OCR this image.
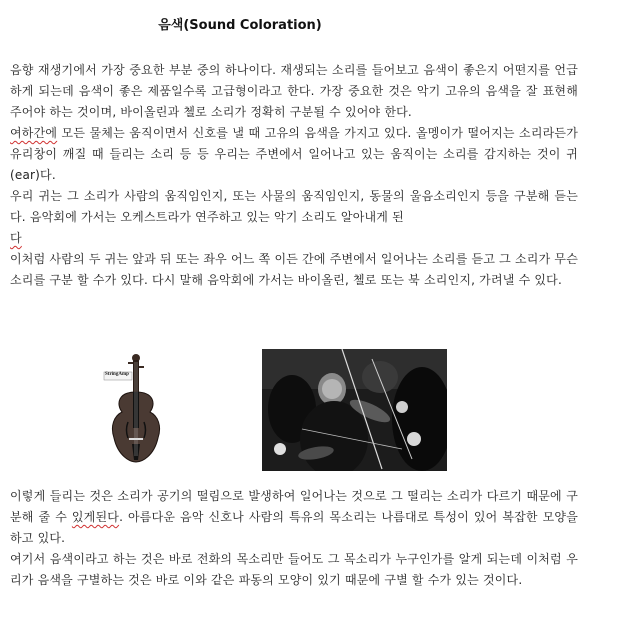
음색(Sound Coloration)
음향 재생기에서 가장 중요한 부분 중의 하나이다. 재생되는 소리를 들어보고 음색이 좋은지 어떤지를 언급하게 되는데 음색이 좋은 제품일수록 고급형이라고 한다. 가장 중요한 것은 악기 고유의 음색을 잘 표현해 주어야 하는 것이며, 바이올린과 첼로 소리가 정확히 구분될 수 있어야 한다.
여하간에 모든 물체는 움직이면서 신호를 낼 때 고유의 음색을 가지고 있다. 올멩이가 떨어지는 소리라든가 유리창이 깨질 때 들리는 소리 등 등 우리는 주변에서 일어나고 있는 움직이는 소리를 감지하는 것이 귀(ear)다.
우리 귀는 그 소리가 사람의 움직임인지, 또는 사물의 움직임인지, 동물의 울음소리인지 등을 구분해 듣는다. 음악회에 가서는 오케스트라가 연주하고 있는 악기 소리도 알아내게 된
다
이처럼 사람의 두 귀는 앞과 뒤 또는 좌우 어느 쪽 이든 간에 주변에서 일어나는 소리를 듣고 그 소리가 무슨 소리를 구분 할 수가 있다. 다시 말해 음악회에 가서는 바이올린, 첼로 또는 북 소리인지, 가려낼 수 있다.
StringAmp
이렇게 들리는 것은 소리가 공기의 떨림으로 발생하여 일어나는 것으로 그 떨리는 소리가 다르기 때문에 구분해 줄 수 있게된다. 아름다운 음악 신호나 사람의 특유의 목소리는 나름대로 특성이 있어 복잡한 모양을 하고 있다.
여기서 음색이라고 하는 것은 바로 전화의 목소리만 들어도 그 목소리가 누구인가를 알게 되는데 이처럼 우리가 음색을 구별하는 것은 바로 이와 같은 파동의 모양이 있기 때문에 구별 할 수가 있는 것이다.
